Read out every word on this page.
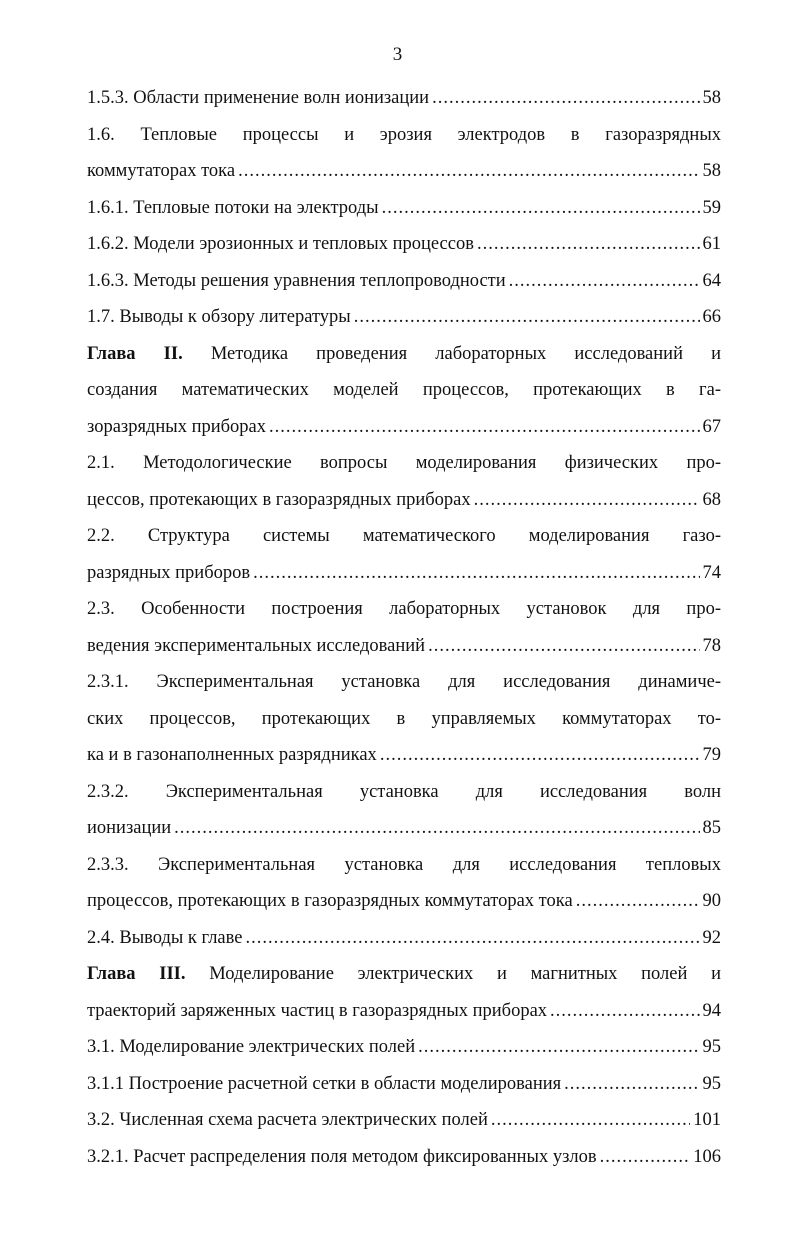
3
1.5.3. Области применение волн ионизации .....	58
1.6. Тепловые процессы и эрозия электродов в газоразрядных
коммутаторах тока .....	58
1.6.1. Тепловые потоки на электроды .....	59
1.6.2. Модели эрозионных и тепловых процессов .....	61
1.6.3. Методы решения уравнения теплопроводности .....	64
1.7. Выводы к обзору литературы .....	66
Глава II. Методика проведения лабораторных исследований и
создания математических моделей процессов, протекающих в га-
зоразрядных приборах .....	67
2.1. Методологические вопросы моделирования физических про-
цессов, протекающих в газоразрядных приборах .....	68
2.2. Структура системы математического моделирования газо-
разрядных приборов .....	74
2.3. Особенности построения лабораторных установок для про-
ведения экспериментальных исследований .....	78
2.3.1. Экспериментальная установка для исследования динамиче-
ских процессов, протекающих в управляемых коммутаторах то-
ка и в газонаполненных разрядниках .....	79
2.3.2. Экспериментальная установка для исследования волн
ионизации .....	85
2.3.3. Экспериментальная установка для исследования тепловых
процессов, протекающих в газоразрядных коммутаторах тока .....	90
2.4. Выводы к главе .....	92
Глава III. Моделирование электрических и магнитных полей и
траекторий заряженных частиц в газоразрядных приборах .....	94
3.1. Моделирование электрических полей .....	95
3.1.1 Построение расчетной сетки в области моделирования .....	95
3.2. Численная схема расчета электрических полей .....	101
3.2.1. Расчет распределения поля методом фиксированных узлов .....	106
